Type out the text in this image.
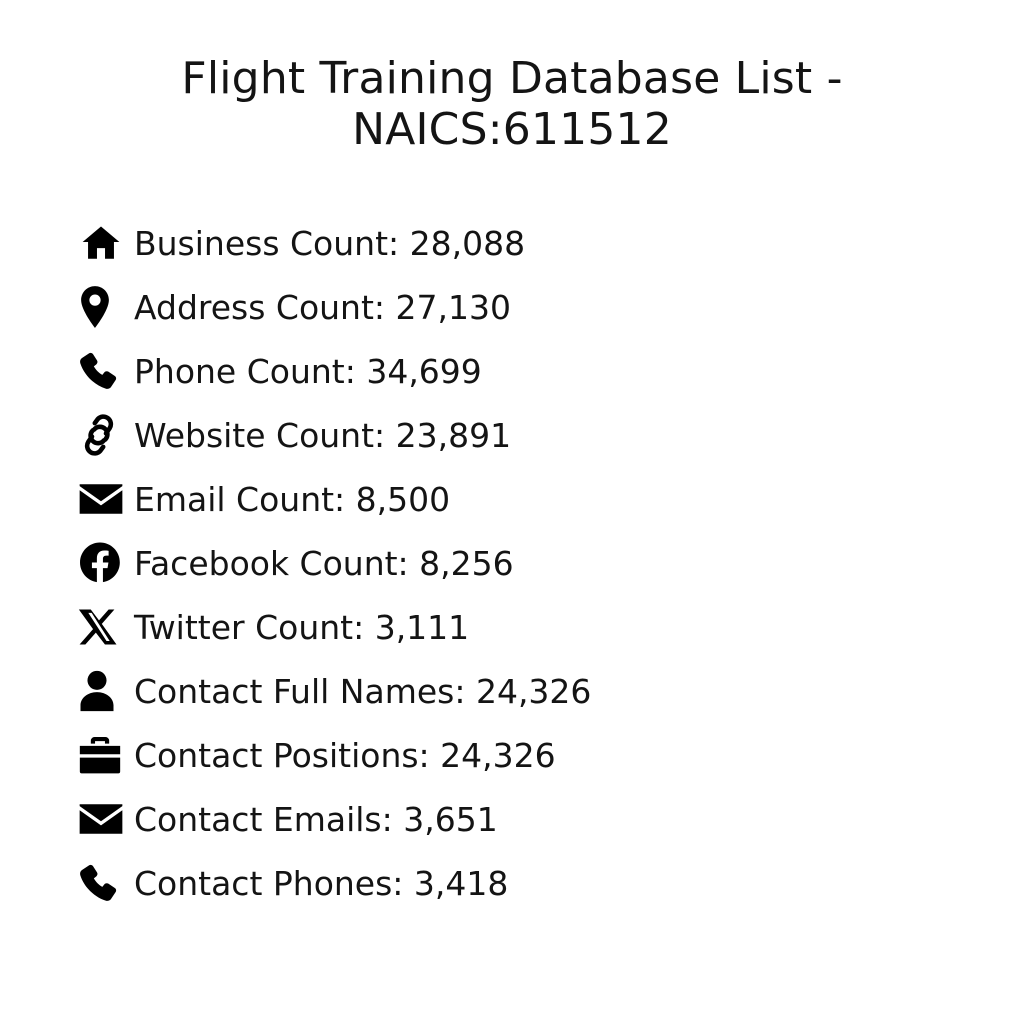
Flight Training Database List - NAICS:611512
Business Count: 28,088
Address Count: 27,130
Phone Count: 34,699
Website Count: 23,891
Email Count: 8,500
Facebook Count: 8,256
Twitter Count: 3,111
Contact Full Names: 24,326
Contact Positions: 24,326
Contact Emails: 3,651
Contact Phones: 3,418
